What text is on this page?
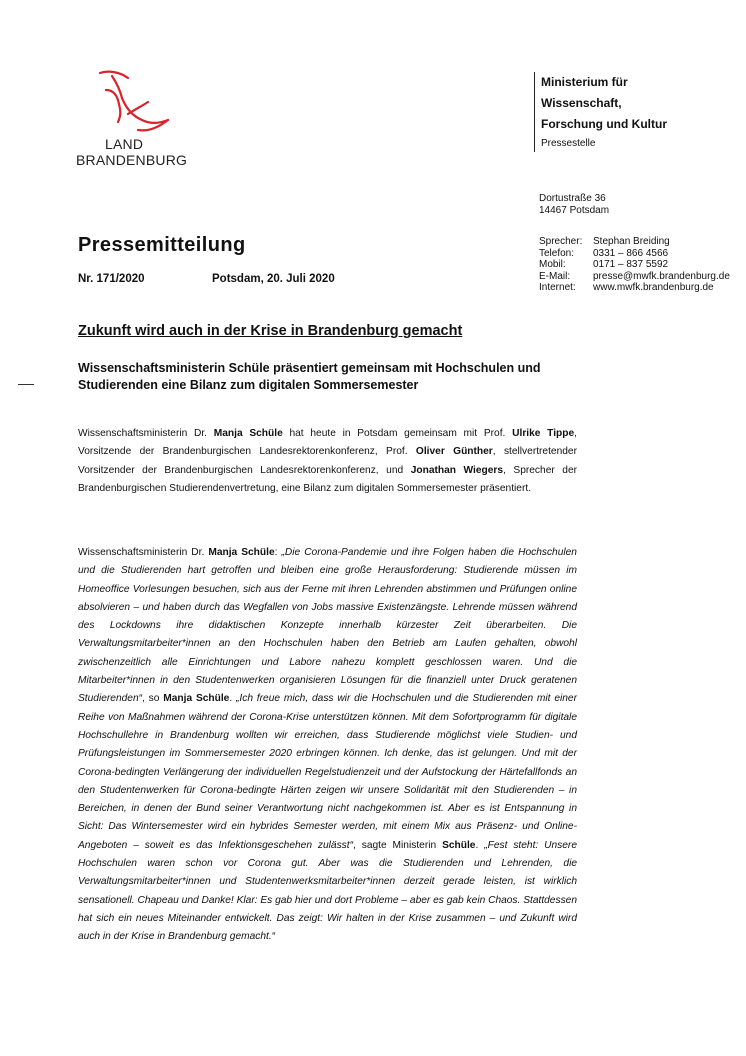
LAND
BRANDENBURG
Ministerium für
Wissenschaft,
Forschung und Kultur
Pressestelle
Dortustraße 36
14467 Potsdam
Sprecher: Stephan Breiding
Telefon: 0331 – 866 4566
Mobil:	0171 – 837 5592
E-Mail: presse@mwfk.brandenburg.de
Internet: www.mwfk.brandenburg.de
Pressemitteilung
Nr. 171/2020	Potsdam, 20. Juli 2020
Zukunft wird auch in der Krise in Brandenburg gemacht
Wissenschaftsministerin Schüle präsentiert gemeinsam mit Hochschulen und Studierenden eine Bilanz zum digitalen Sommersemester
Wissenschaftsministerin Dr. Manja Schüle hat heute in Potsdam gemeinsam mit Prof. Ulrike Tippe, Vorsitzende der Brandenburgischen Landesrektorenkonferenz, Prof. Oliver Günther, stellvertretender Vorsitzender der Brandenburgischen Landesrektorenkonferenz, und Jonathan Wiegers, Sprecher der Brandenburgischen Studierendenvertretung, eine Bilanz zum digitalen Sommersemester präsentiert.
Wissenschaftsministerin Dr. Manja Schüle: „Die Corona-Pandemie und ihre Folgen haben die Hochschulen und die Studierenden hart getroffen und bleiben eine große Herausforderung: Studierende müssen im Homeoffice Vorlesungen besuchen, sich aus der Ferne mit ihren Lehrenden abstimmen und Prüfungen online absolvieren – und haben durch das Wegfallen von Jobs massive Existenzängste. Lehrende müssen während des Lockdowns ihre didaktischen Konzepte innerhalb kürzester Zeit überarbeiten. Die Verwaltungsmitarbeiter*innen an den Hochschulen haben den Betrieb am Laufen gehalten, obwohl zwischenzeitlich alle Einrichtungen und Labore nahezu komplett geschlossen waren. Und die Mitarbeiter*innen in den Studentenwerken organisieren Lösungen für die finanziell unter Druck geratenen Studierenden“, so Manja Schüle. „Ich freue mich, dass wir die Hochschulen und die Studierenden mit einer Reihe von Maßnahmen während der Corona-Krise unterstützen können. Mit dem Sofortprogramm für digitale Hochschullehre in Brandenburg wollten wir erreichen, dass Studierende möglichst viele Studien- und Prüfungsleistungen im Sommersemester 2020 erbringen können. Ich denke, das ist gelungen. Und mit der Corona-bedingten Verlängerung der individuellen Regelstudienzeit und der Aufstockung der Härtefallfonds an den Studentenwerken für Corona-bedingte Härten zeigen wir unsere Solidarität mit den Studierenden – in Bereichen, in denen der Bund seiner Verantwortung nicht nachgekommen ist. Aber es ist Entspannung in Sicht: Das Wintersemester wird ein hybrides Semester werden, mit einem Mix aus Präsenz- und Online-Angeboten – soweit es das Infektionsgeschehen zulässt“, sagte Ministerin Schüle. „Fest steht: Unsere Hochschulen waren schon vor Corona gut. Aber was die Studierenden und Lehrenden, die Verwaltungsmitarbeiter*innen und Studentenwerksmitarbeiter*innen derzeit gerade leisten, ist wirklich sensationell. Chapeau und Danke! Klar: Es gab hier und dort Probleme – aber es gab kein Chaos. Stattdessen hat sich ein neues Miteinander entwickelt. Das zeigt: Wir halten in der Krise zusammen – und Zukunft wird auch in der Krise in Brandenburg gemacht.“
